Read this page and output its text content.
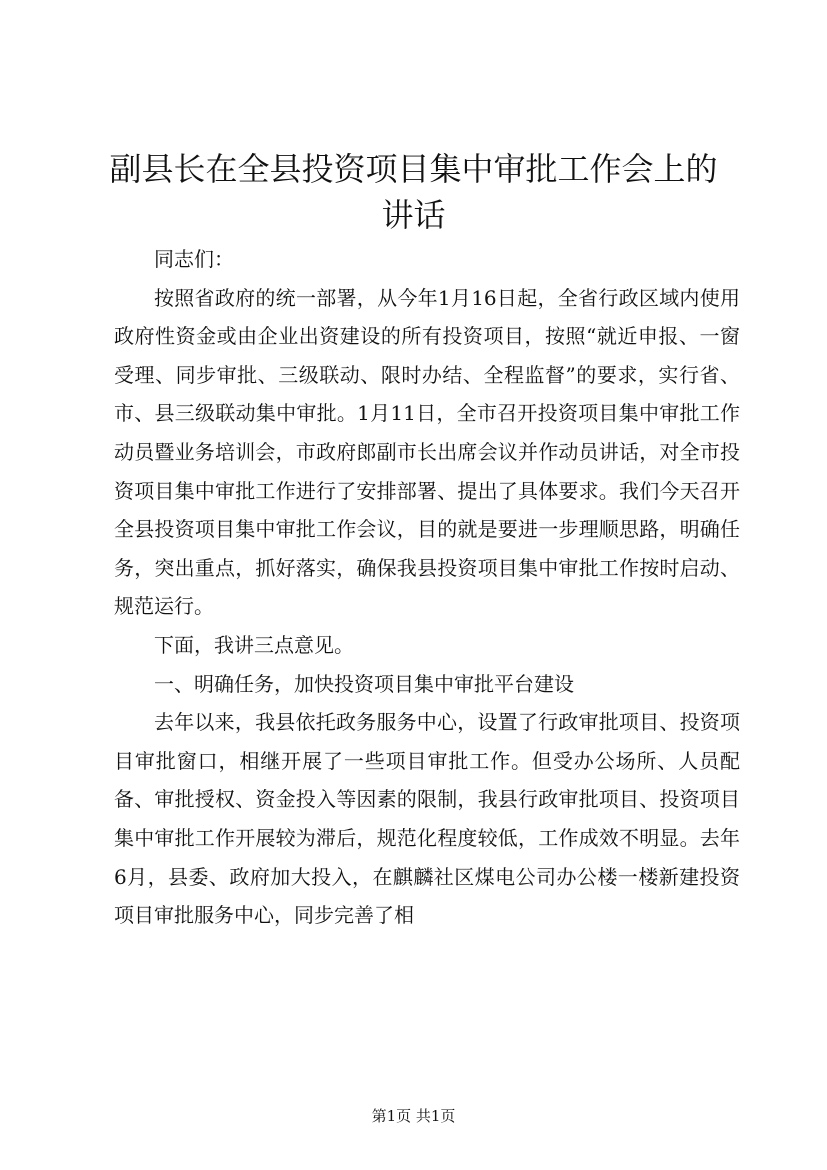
副县长在全县投资项目集中审批工作会上的讲话

同志们：

按照省政府的统一部署，从今年1月16日起，全省行政区域内使用政府性资金或由企业出资建设的所有投资项目，按照“就近申报、一窗受理、同步审批、三级联动、限时办结、全程监督”的要求，实行省、市、县三级联动集中审批。1月11日，全市召开投资项目集中审批工作动员暨业务培训会，市政府郎副市长出席会议并作动员讲话，对全市投资项目集中审批工作进行了安排部署、提出了具体要求。我们今天召开全县投资项目集中审批工作会议，目的就是要进一步理顺思路，明确任务，突出重点，抓好落实，确保我县投资项目集中审批工作按时启动、规范运行。

下面，我讲三点意见。

一、明确任务，加快投资项目集中审批平台建设

去年以来，我县依托政务服务中心，设置了行政审批项目、投资项目审批窗口，相继开展了一些项目审批工作。但受办公场所、人员配备、审批授权、资金投入等因素的限制，我县行政审批项目、投资项目集中审批工作开展较为滞后，规范化程度较低，工作成效不明显。去年6月，县委、政府加大投入，在麒麟社区煤电公司办公楼一楼新建投资项目审批服务中心，同步完善了相

第1页 共1页
